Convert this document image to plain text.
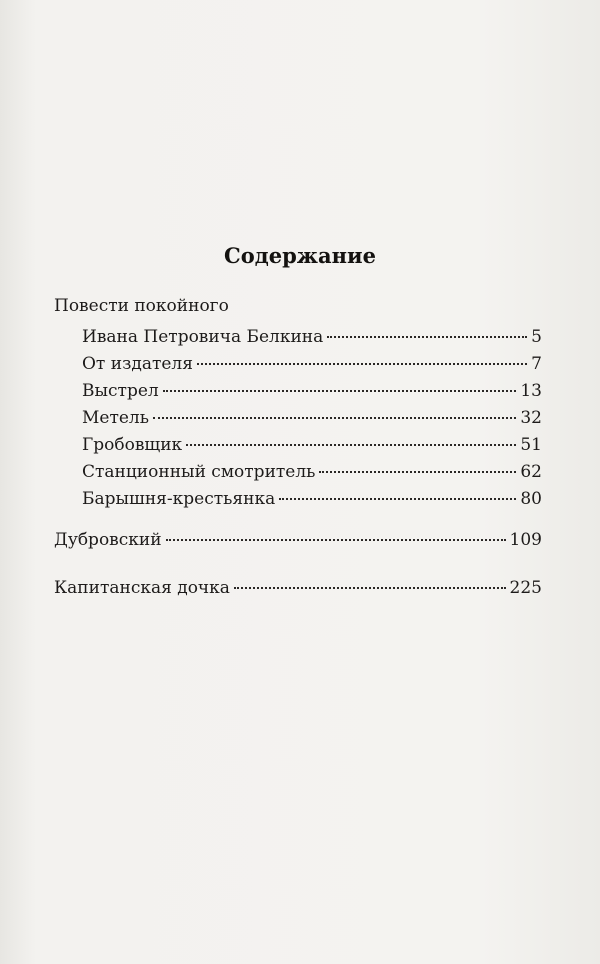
Содержание
Повести покойного
Ивана Петровича Белкина	5
От издателя	7
Выстрел	13
Метель	32
Гробовщик	51
Станционный смотритель	62
Барышня-крестьянка	80
Дубровский	109
Капитанская дочка	225
